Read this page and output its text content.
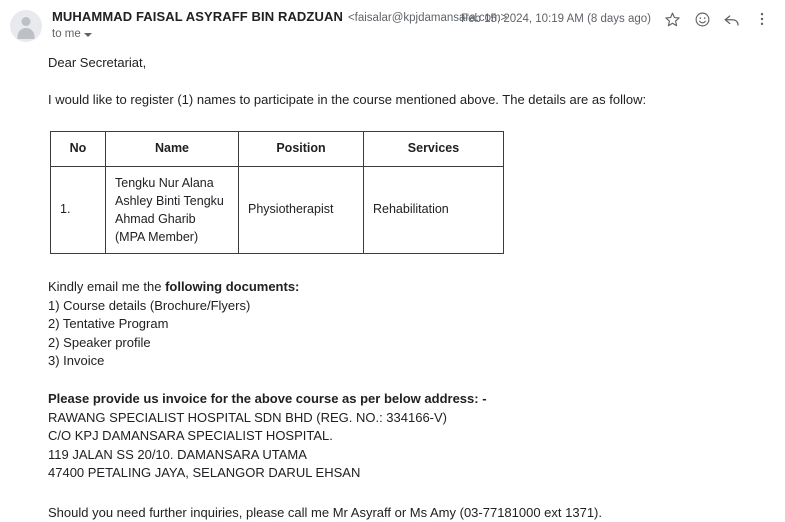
MUHAMMAD FAISAL ASYRAFF BIN RADZUAN <faisalar@kpjdamansara.com>
to me
Feb 15, 2024, 10:19 AM (8 days ago)

Dear Secretariat,

I would like to register (1) names to participate in the course mentioned above. The details are as follow:

No	Name	Position	Services
1.	Tengku Nur Alana
Ashley Binti Tengku
Ahmad Gharib
(MPA Member)	Physiotherapist	Rehabilitation

Kindly email me the following documents:

1) Course details (Brochure/Flyers)

2) Tentative Program

2) Speaker profile

3) Invoice

Please provide us invoice for the above course as per below address: -

RAWANG SPECIALIST HOSPITAL SDN BHD (REG. NO.: 334166-V)

C/O KPJ DAMANSARA SPECIALIST HOSPITAL.

119 JALAN SS 20/10. DAMANSARA UTAMA

47400 PETALING JAYA, SELANGOR DARUL EHSAN

Should you need further inquiries, please call me Mr Asyraff or Ms Amy (03-77181000 ext 1371).
